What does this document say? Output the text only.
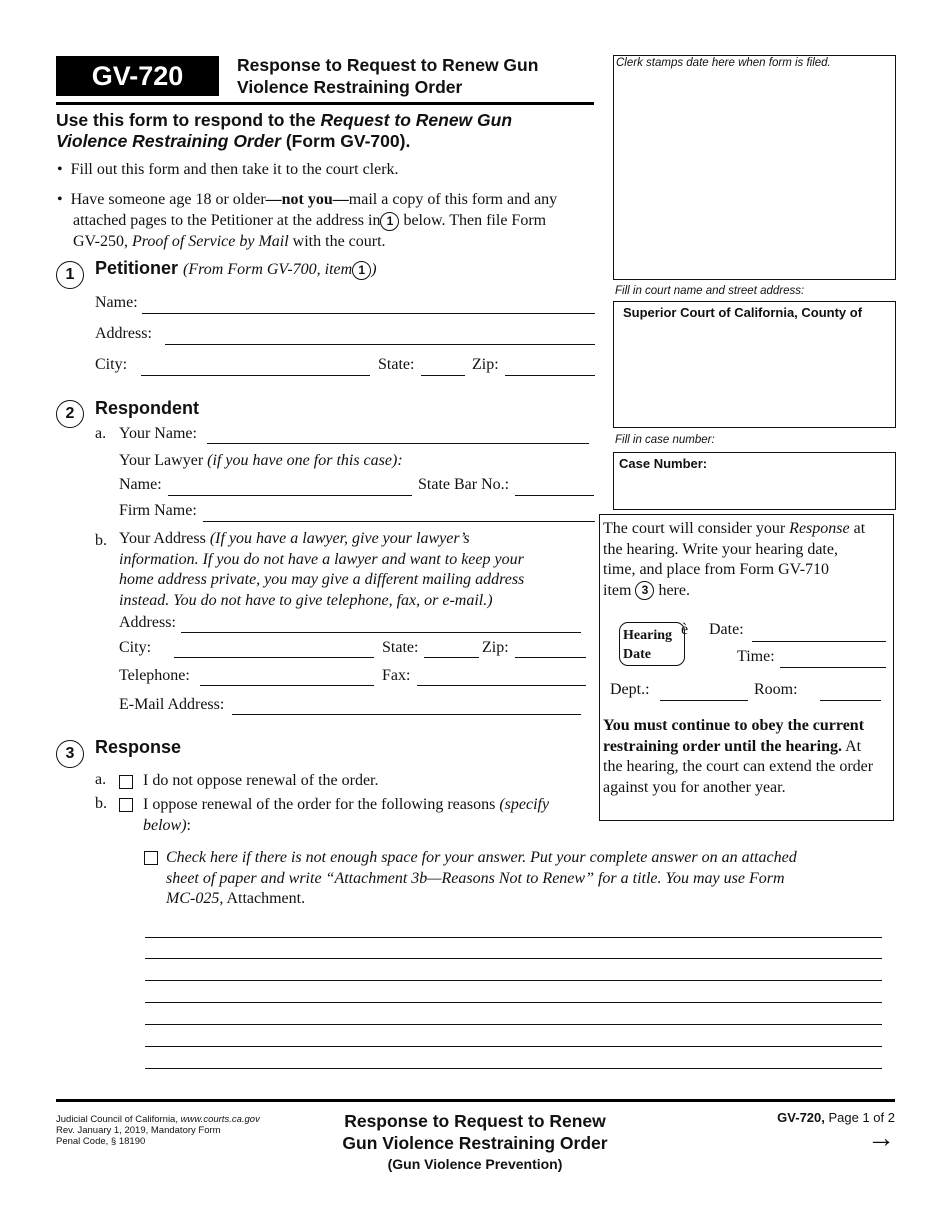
GV-720	Response to Request to Renew Gun
Violence Restraining Order
Use this form to respond to the Request to Renew Gun
Violence Restraining Order (Form GV-700).
•  Fill out this form and then take it to the court clerk.
•  Have someone age 18 or older—not you—mail a copy of this form and any
attached pages to the Petitioner at the address in 1 below. Then file Form
GV-250, Proof of Service by Mail with the court.
Clerk stamps date here when form is filed.
Fill in court name and street address:
Superior Court of California, County of
Fill in case number:
Case Number:
The court will consider your Response at
the hearing. Write your hearing date,
time, and place from Form GV-710
item 3 here.
Hearing
Date
è Date:
Time:
Dept.:	Room:
You must continue to obey the current
restraining order until the hearing. At
the hearing, the court can extend the order
against you for another year.
1	Petitioner (From Form GV-700, item 1 )
Name:
Address:
City:	State:	Zip:
2	Respondent
a. Your Name:
Your Lawyer (if you have one for this case):
Name:	State Bar No.:
Firm Name:
b. Your Address (If you have a lawyer, give your lawyer’s
information. If you do not have a lawyer and want to keep your
home address private, you may give a different mailing address
instead. You do not have to give telephone, fax, or e-mail.)
Address:
City:	State:	Zip:
Telephone:	Fax:
E-Mail Address:
3	Response
a. I do not oppose renewal of the order.
b. I oppose renewal of the order for the following reasons (specify
below):
Check here if there is not enough space for your answer. Put your complete answer on an attached
sheet of paper and write “Attachment 3b—Reasons Not to Renew” for a title. You may use Form
MC-025, Attachment.
Judicial Council of California, www.courts.ca.gov
Rev. January 1, 2019, Mandatory Form
Penal Code, § 18190
Response to Request to Renew
Gun Violence Restraining Order
(Gun Violence Prevention)
GV-720, Page 1 of 2
→
